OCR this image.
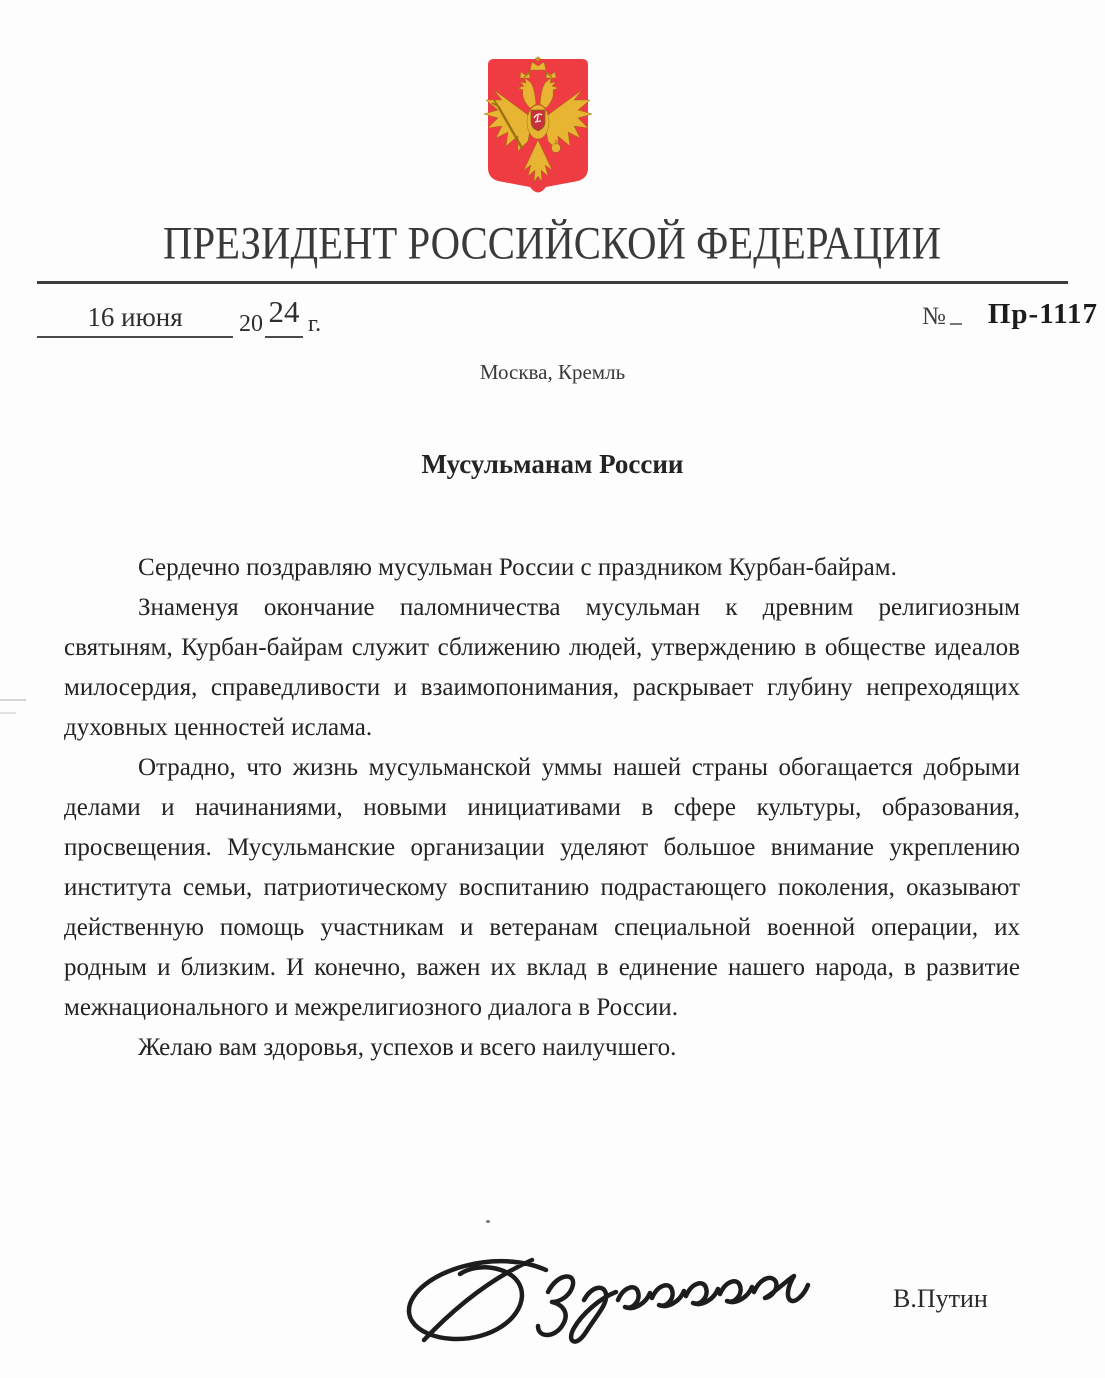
ПРЕЗИДЕНТ РОССИЙСКОЙ ФЕДЕРАЦИИ
16 июня	20 24 г.	№ Пр-1117
Москва, Кремль
Мусульманам России

Сердечно поздравляю мусульман России с праздником Курбан-байрам.

Знаменуя окончание паломничества мусульман к древним религиозным святыням, Курбан-байрам служит сближению людей, утверждению в обществе идеалов милосердия, справедливости и взаимопонимания, раскрывает глубину непреходящих духовных ценностей ислама.

Отрадно, что жизнь мусульманской уммы нашей страны обогащается добрыми делами и начинаниями, новыми инициативами в сфере культуры, образования, просвещения. Мусульманские организации уделяют большое внимание укреплению института семьи, патриотическому воспитанию подрастающего поколения, оказывают действенную помощь участникам и ветеранам специальной военной операции, их родным и близким. И конечно, важен их вклад в единение нашего народа, в развитие межнационального и межрелигиозного диалога в России.

Желаю вам здоровья, успехов и всего наилучшего.

В.Путин
